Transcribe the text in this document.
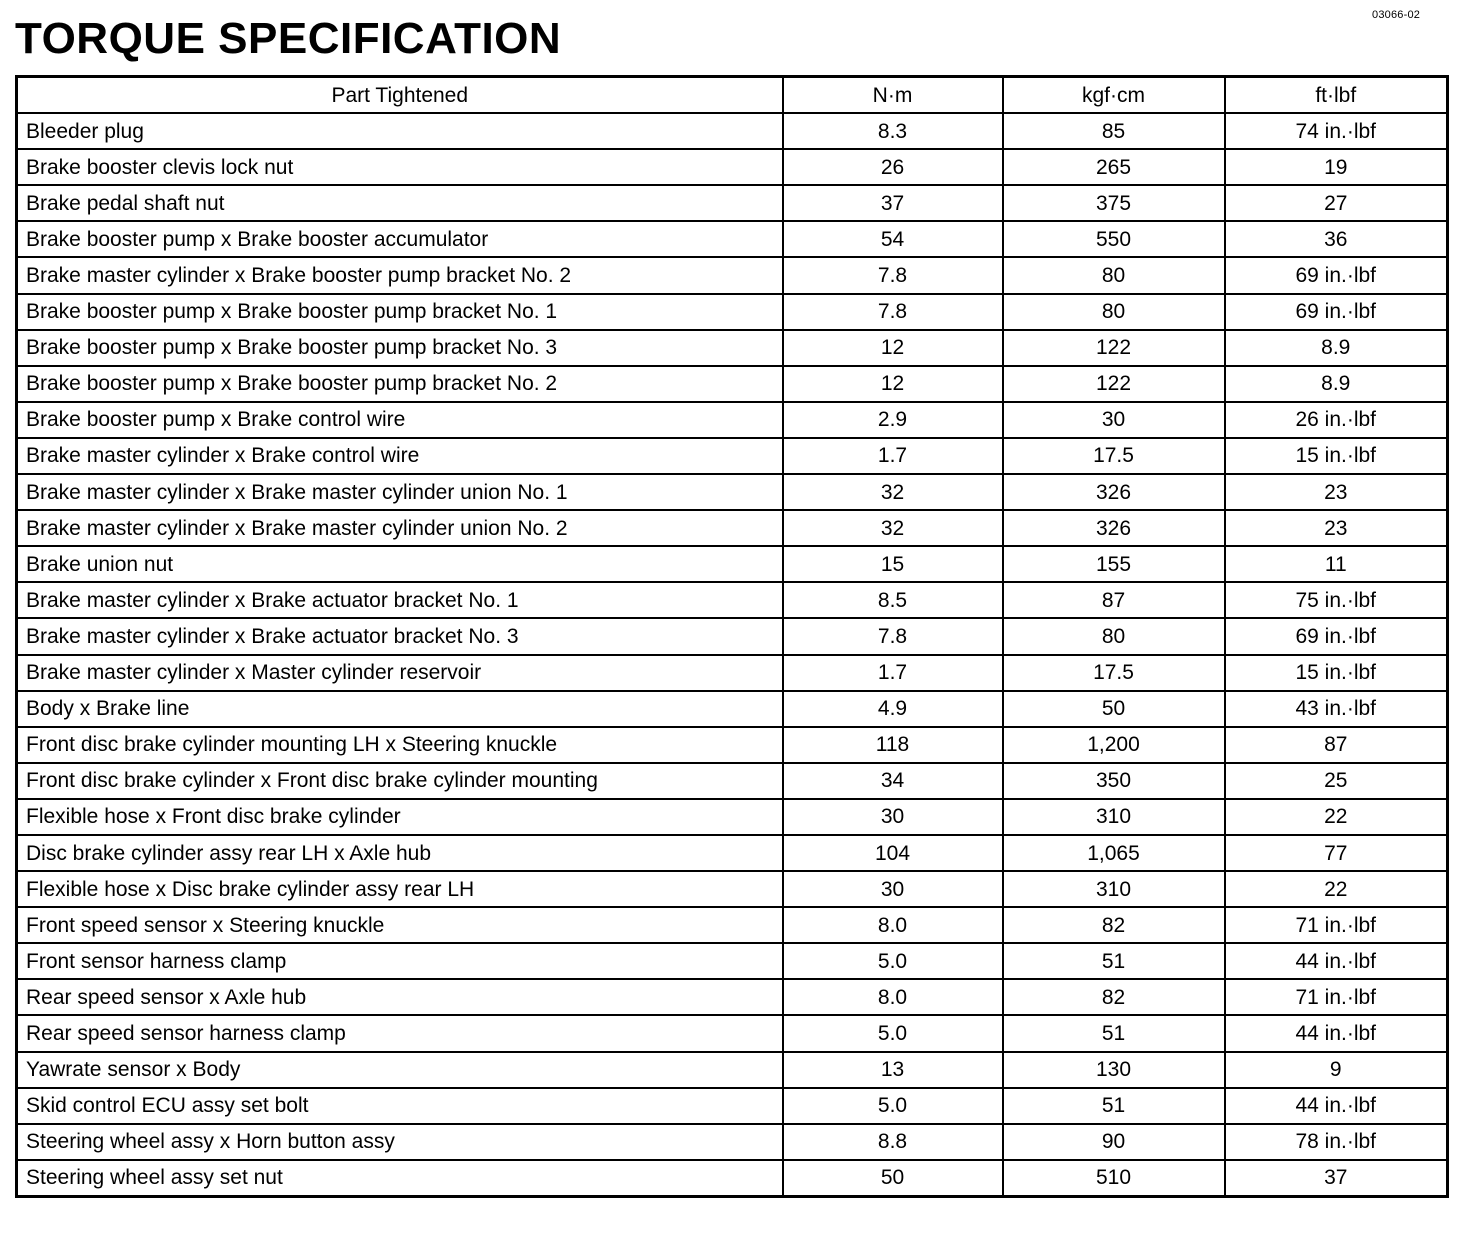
03066-02
TORQUE SPECIFICATION
Part Tightened	N·m	kgf·cm	ft·lbf
Bleeder plug	8.3	85	74 in.·lbf
Brake booster clevis lock nut	26	265	19
Brake pedal shaft nut	37	375	27
Brake booster pump x Brake booster accumulator	54	550	36
Brake master cylinder x Brake booster pump bracket No. 2	7.8	80	69 in.·lbf
Brake booster pump x Brake booster pump bracket No. 1	7.8	80	69 in.·lbf
Brake booster pump x Brake booster pump bracket No. 3	12	122	8.9
Brake booster pump x Brake booster pump bracket No. 2	12	122	8.9
Brake booster pump x Brake control wire	2.9	30	26 in.·lbf
Brake master cylinder x Brake control wire	1.7	17.5	15 in.·lbf
Brake master cylinder x Brake master cylinder union No. 1	32	326	23
Brake master cylinder x Brake master cylinder union No. 2	32	326	23
Brake union nut	15	155	11
Brake master cylinder x Brake actuator bracket No. 1	8.5	87	75 in.·lbf
Brake master cylinder x Brake actuator bracket No. 3	7.8	80	69 in.·lbf
Brake master cylinder x Master cylinder reservoir	1.7	17.5	15 in.·lbf
Body x Brake line	4.9	50	43 in.·lbf
Front disc brake cylinder mounting LH x Steering knuckle	118	1,200	87
Front disc brake cylinder x Front disc brake cylinder mounting	34	350	25
Flexible hose x Front disc brake cylinder	30	310	22
Disc brake cylinder assy rear LH x Axle hub	104	1,065	77
Flexible hose x Disc brake cylinder assy rear LH	30	310	22
Front speed sensor x Steering knuckle	8.0	82	71 in.·lbf
Front sensor harness clamp	5.0	51	44 in.·lbf
Rear speed sensor x Axle hub	8.0	82	71 in.·lbf
Rear speed sensor harness clamp	5.0	51	44 in.·lbf
Yawrate sensor x Body	13	130	9
Skid control ECU assy set bolt	5.0	51	44 in.·lbf
Steering wheel assy x Horn button assy	8.8	90	78 in.·lbf
Steering wheel assy set nut	50	510	37
